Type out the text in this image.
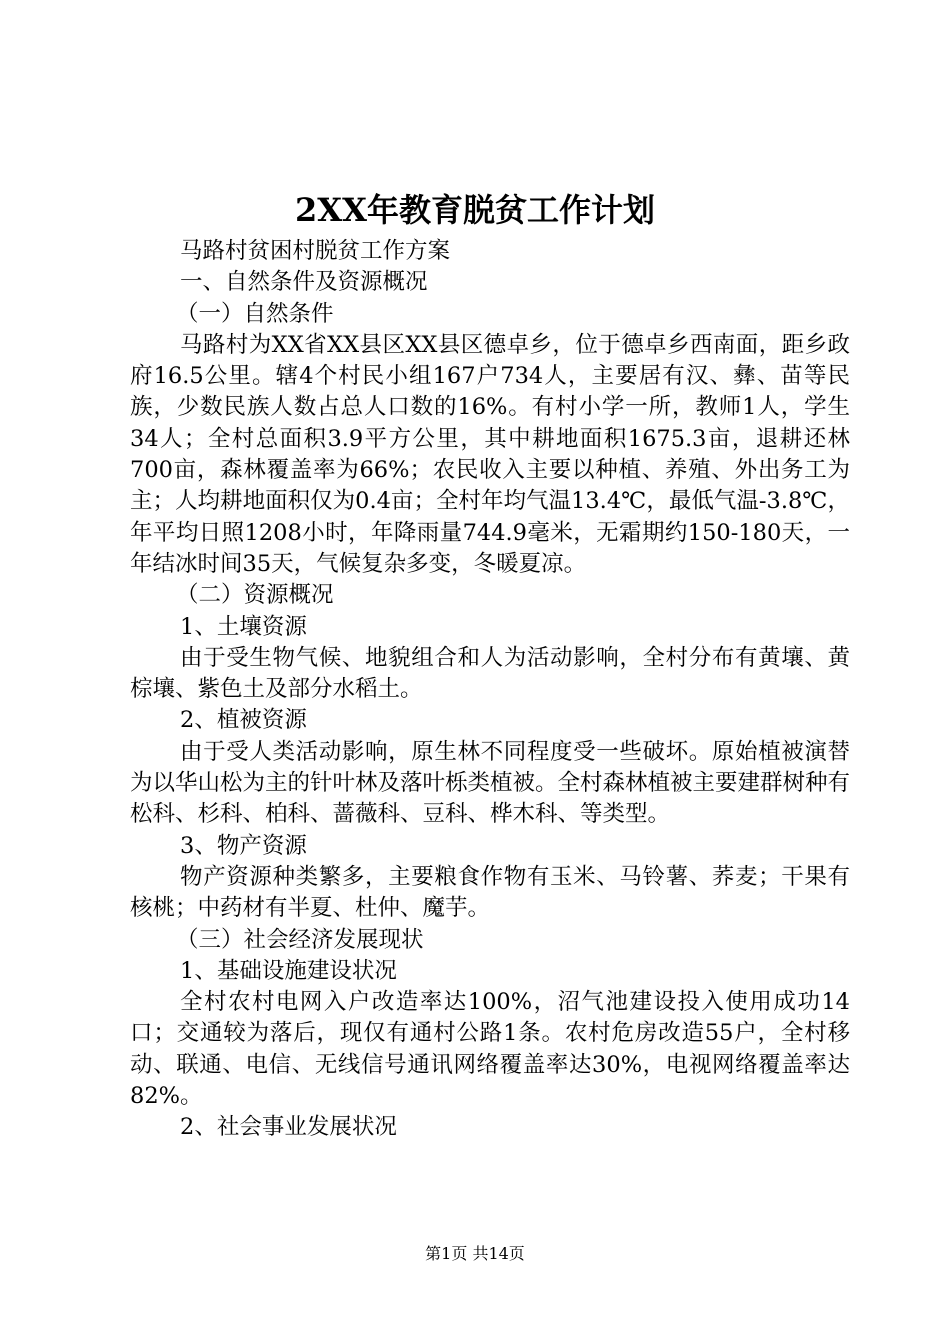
2XX年教育脱贫工作计划

马路村贫困村脱贫工作方案

一、自然条件及资源概况

（一）自然条件

马路村为XX省XX县区XX县区德卓乡，位于德卓乡西南面，距乡政府16.5公里。辖4个村民小组167户734人，主要居有汉、彝、苗等民族，少数民族人数占总人口数的16%。有村小学一所，教师1人，学生34人；全村总面积3.9平方公里，其中耕地面积1675.3亩，退耕还林700亩，森林覆盖率为66%；农民收入主要以种植、养殖、外出务工为主；人均耕地面积仅为0.4亩；全村年均气温13.4℃，最低气温-3.8℃，年平均日照1208小时，年降雨量744.9毫米，无霜期约150-180天，一年结冰时间35天，气候复杂多变，冬暖夏凉。

（二）资源概况

1、土壤资源

由于受生物气候、地貌组合和人为活动影响，全村分布有黄壤、黄棕壤、紫色土及部分水稻土。

2、植被资源

由于受人类活动影响，原生林不同程度受一些破坏。原始植被演替为以华山松为主的针叶林及落叶栎类植被。全村森林植被主要建群树种有松科、杉科、柏科、蔷薇科、豆科、桦木科、等类型。

3、物产资源

物产资源种类繁多，主要粮食作物有玉米、马铃薯、荞麦；干果有核桃；中药材有半夏、杜仲、魔芋。

（三）社会经济发展现状

1、基础设施建设状况

全村农村电网入户改造率达100%，沼气池建设投入使用成功14口；交通较为落后，现仅有通村公路1条。农村危房改造55户，全村移动、联通、电信、无线信号通讯网络覆盖率达30%，电视网络覆盖率达82%。

2、社会事业发展状况

第1页 共14页
